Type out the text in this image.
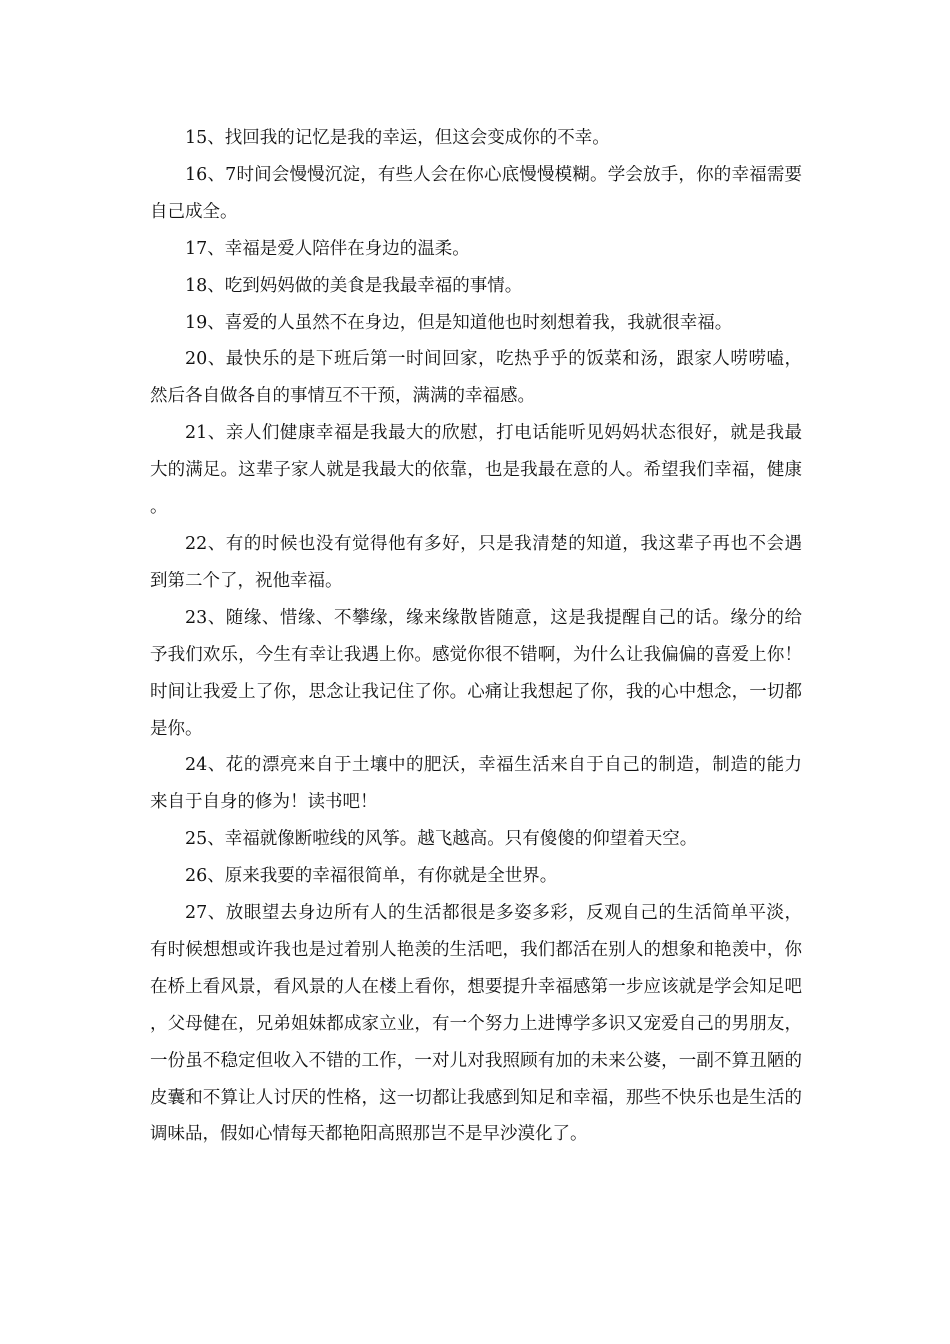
15、找回我的记忆是我的幸运，但这会变成你的不幸。

16、7时间会慢慢沉淀，有些人会在你心底慢慢模糊。学会放手，你的幸福需要自己成全。

17、幸福是爱人陪伴在身边的温柔。

18、吃到妈妈做的美食是我最幸福的事情。

19、喜爱的人虽然不在身边，但是知道他也时刻想着我，我就很幸福。

20、最快乐的是下班后第一时间回家，吃热乎乎的饭菜和汤，跟家人唠唠嗑，然后各自做各自的事情互不干预，满满的幸福感。

21、亲人们健康幸福是我最大的欣慰，打电话能听见妈妈状态很好，就是我最大的满足。这辈子家人就是我最大的依靠，也是我最在意的人。希望我们幸福，健康。

22、有的时候也没有觉得他有多好，只是我清楚的知道，我这辈子再也不会遇到第二个了，祝他幸福。

23、随缘、惜缘、不攀缘，缘来缘散皆随意，这是我提醒自己的话。缘分的给予我们欢乐，今生有幸让我遇上你。感觉你很不错啊，为什么让我偏偏的喜爱上你！时间让我爱上了你，思念让我记住了你。心痛让我想起了你，我的心中想念，一切都是你。

24、花的漂亮来自于土壤中的肥沃，幸福生活来自于自己的制造，制造的能力来自于自身的修为！读书吧！

25、幸福就像断啦线的风筝。越飞越高。只有傻傻的仰望着天空。

26、原来我要的幸福很简单，有你就是全世界。

27、放眼望去身边所有人的生活都很是多姿多彩，反观自己的生活简单平淡，有时候想想或许我也是过着别人艳羡的生活吧，我们都活在别人的想象和艳羡中，你在桥上看风景，看风景的人在楼上看你，想要提升幸福感第一步应该就是学会知足吧，父母健在，兄弟姐妹都成家立业，有一个努力上进博学多识又宠爱自己的男朋友，一份虽不稳定但收入不错的工作，一对儿对我照顾有加的未来公婆，一副不算丑陋的皮囊和不算让人讨厌的性格，这一切都让我感到知足和幸福，那些不快乐也是生活的调味品，假如心情每天都艳阳高照那岂不是早沙漠化了。
